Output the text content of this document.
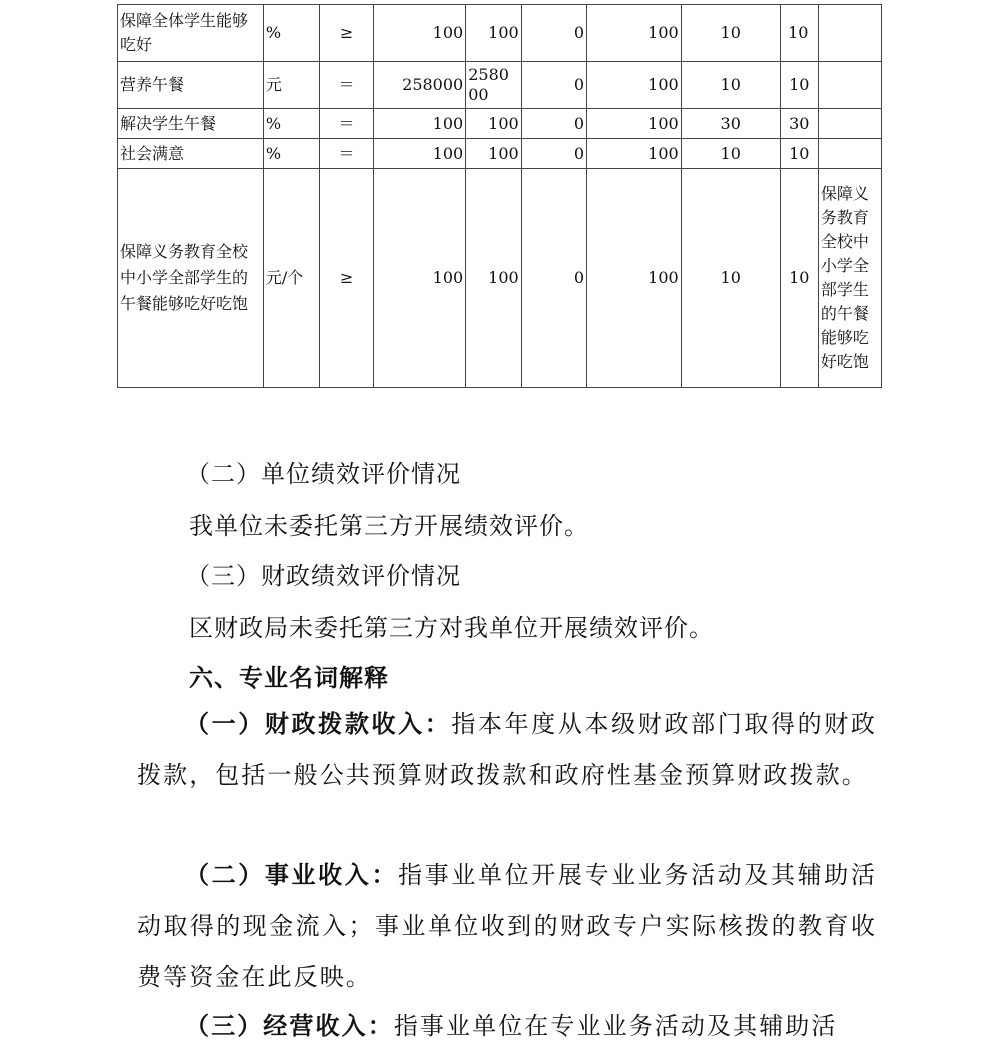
保障全体学生能够吃好	%	≥	100	100	0	100	10	10	
营养午餐	元	＝	258000	258000	0	100	10	10	
解决学生午餐	%	＝	100	100	0	100	30	30	
社会满意	%	＝	100	100	0	100	10	10	
保障义务教育全校中小学全部学生的午餐能够吃好吃饱	元/个	≥	100	100	0	100	10	10	保障义务教育全校中小学全部学生的午餐能够吃好吃饱
（二）单位绩效评价情况
我单位未委托第三方开展绩效评价。
（三）财政绩效评价情况
区财政局未委托第三方对我单位开展绩效评价。
六、专业名词解释
（一）财政拨款收入：指本年度从本级财政部门取得的财政拨款，包括一般公共预算财政拨款和政府性基金预算财政拨款。
（二）事业收入：指事业单位开展专业业务活动及其辅助活动取得的现金流入；事业单位收到的财政专户实际核拨的教育收费等资金在此反映。
（三）经营收入：指事业单位在专业业务活动及其辅助活
